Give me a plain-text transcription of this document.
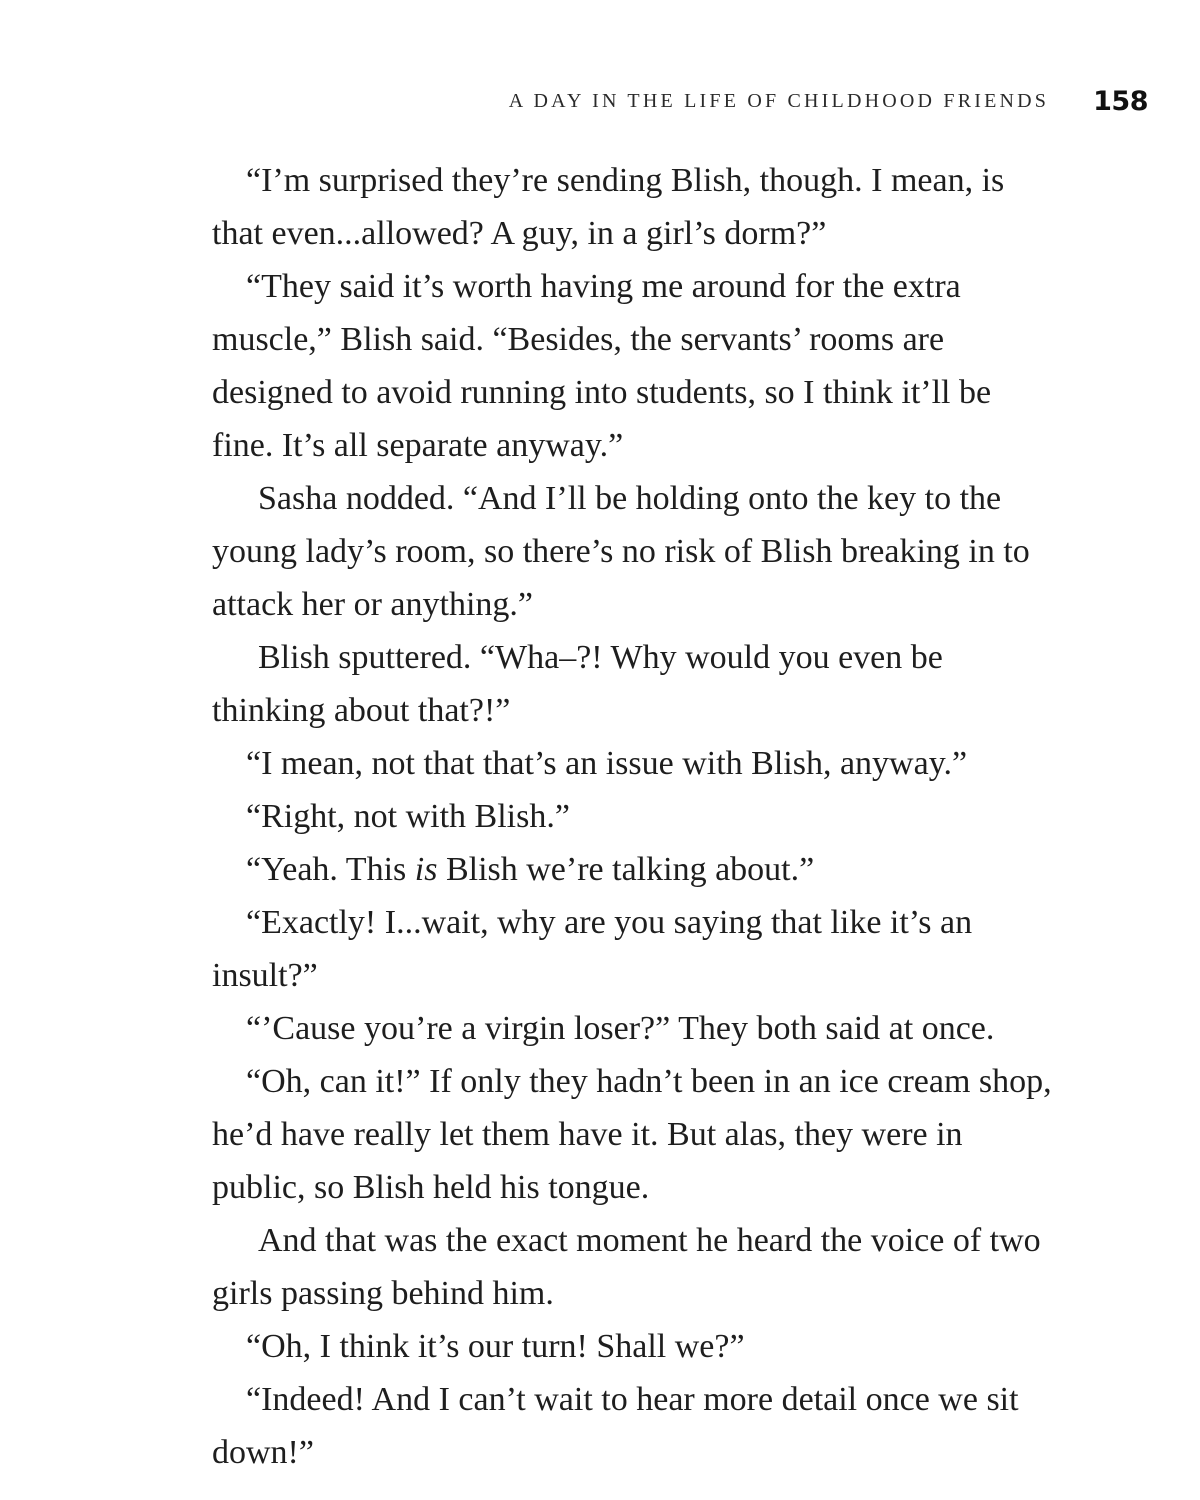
A DAY IN THE LIFE OF CHILDHOOD FRIENDS 158

“I’m surprised they’re sending Blish, though. I mean, is that even...allowed? A guy, in a girl’s dorm?”

“They said it’s worth having me around for the extra muscle,” Blish said. “Besides, the servants’ rooms are designed to avoid running into students, so I think it’ll be fine. It’s all separate anyway.”

Sasha nodded. “And I’ll be holding onto the key to the young lady’s room, so there’s no risk of Blish breaking in to attack her or anything.”

Blish sputtered. “Wha–?! Why would you even be thinking about that?!”

“I mean, not that that’s an issue with Blish, anyway.”

“Right, not with Blish.”

“Yeah. This is Blish we’re talking about.”

“Exactly! I...wait, why are you saying that like it’s an insult?”

“’Cause you’re a virgin loser?” They both said at once.

“Oh, can it!” If only they hadn’t been in an ice cream shop, he’d have really let them have it. But alas, they were in public, so Blish held his tongue.

And that was the exact moment he heard the voice of two girls passing behind him.

“Oh, I think it’s our turn! Shall we?”

“Indeed! And I can’t wait to hear more detail once we sit down!”
